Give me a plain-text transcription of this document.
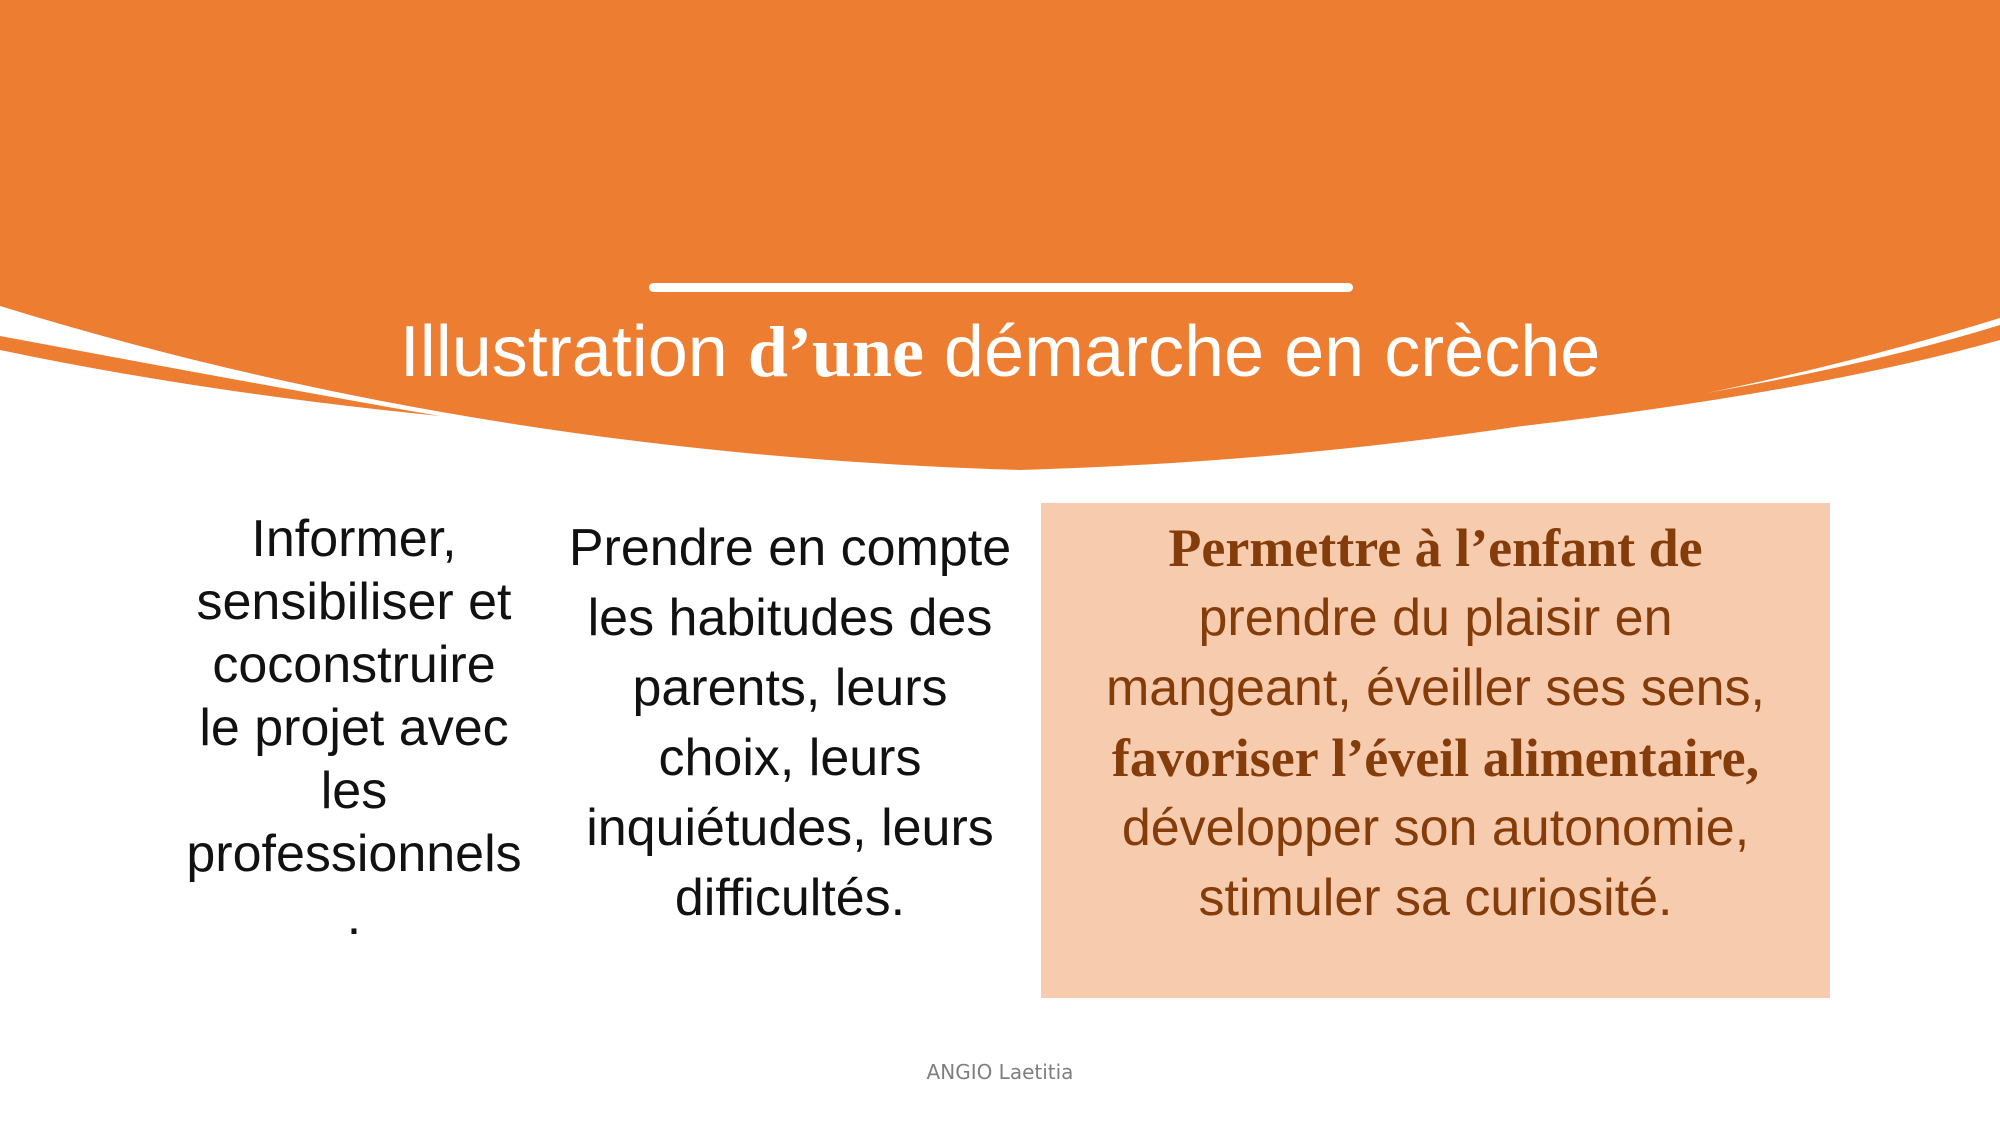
Illustration d’une démarche en crèche
Informer,
sensibiliser et
coconstruire
le projet avec
les
professionnels
.
Prendre en compte
les habitudes des
parents, leurs
choix, leurs
inquiétudes, leurs
difficultés.
Permettre à l’enfant de
prendre du plaisir en
mangeant, éveiller ses sens,
favoriser l’éveil alimentaire,
développer son autonomie,
stimuler sa curiosité.
ANGIO Laetitia
